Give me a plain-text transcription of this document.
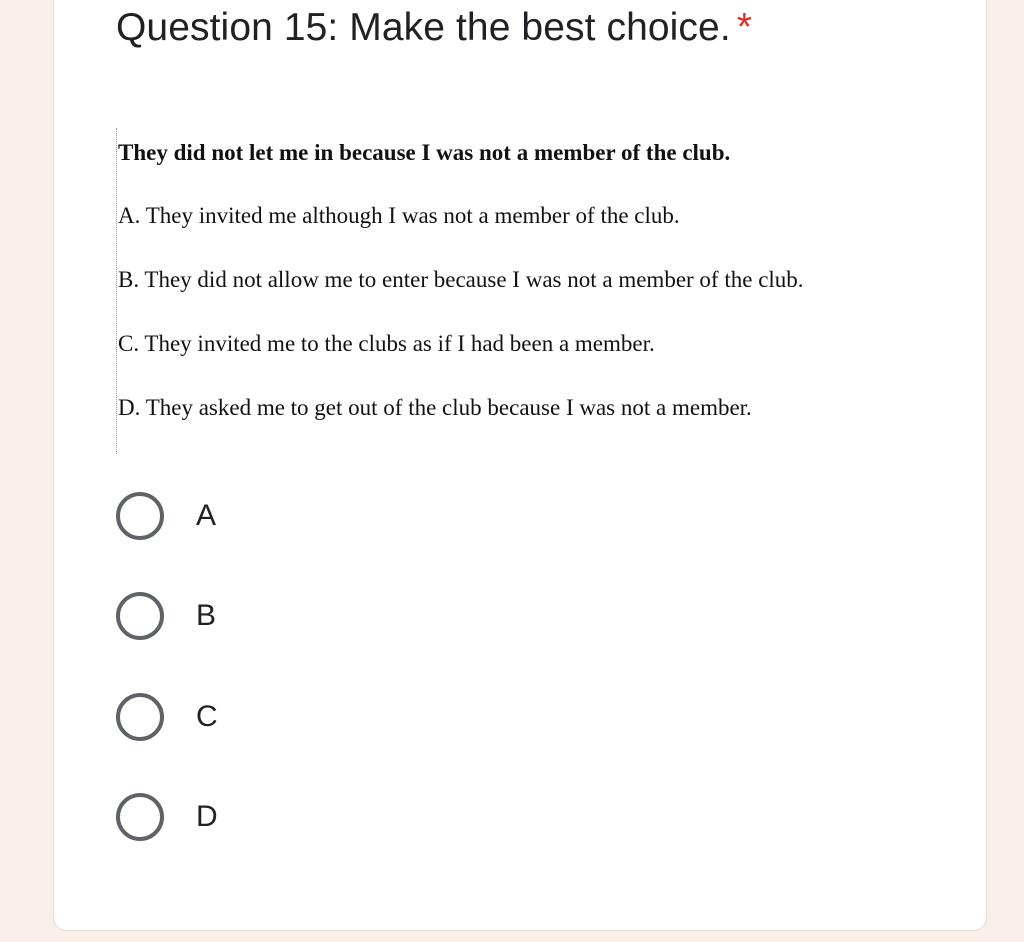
Question 15: Make the best choice. *
They did not let me in because I was not a member of the club.
A. They invited me although I was not a member of the club.
B. They did not allow me to enter because I was not a member of the club.
C. They invited me to the clubs as if I had been a member.
D. They asked me to get out of the club because I was not a member.
A
B
C
D
